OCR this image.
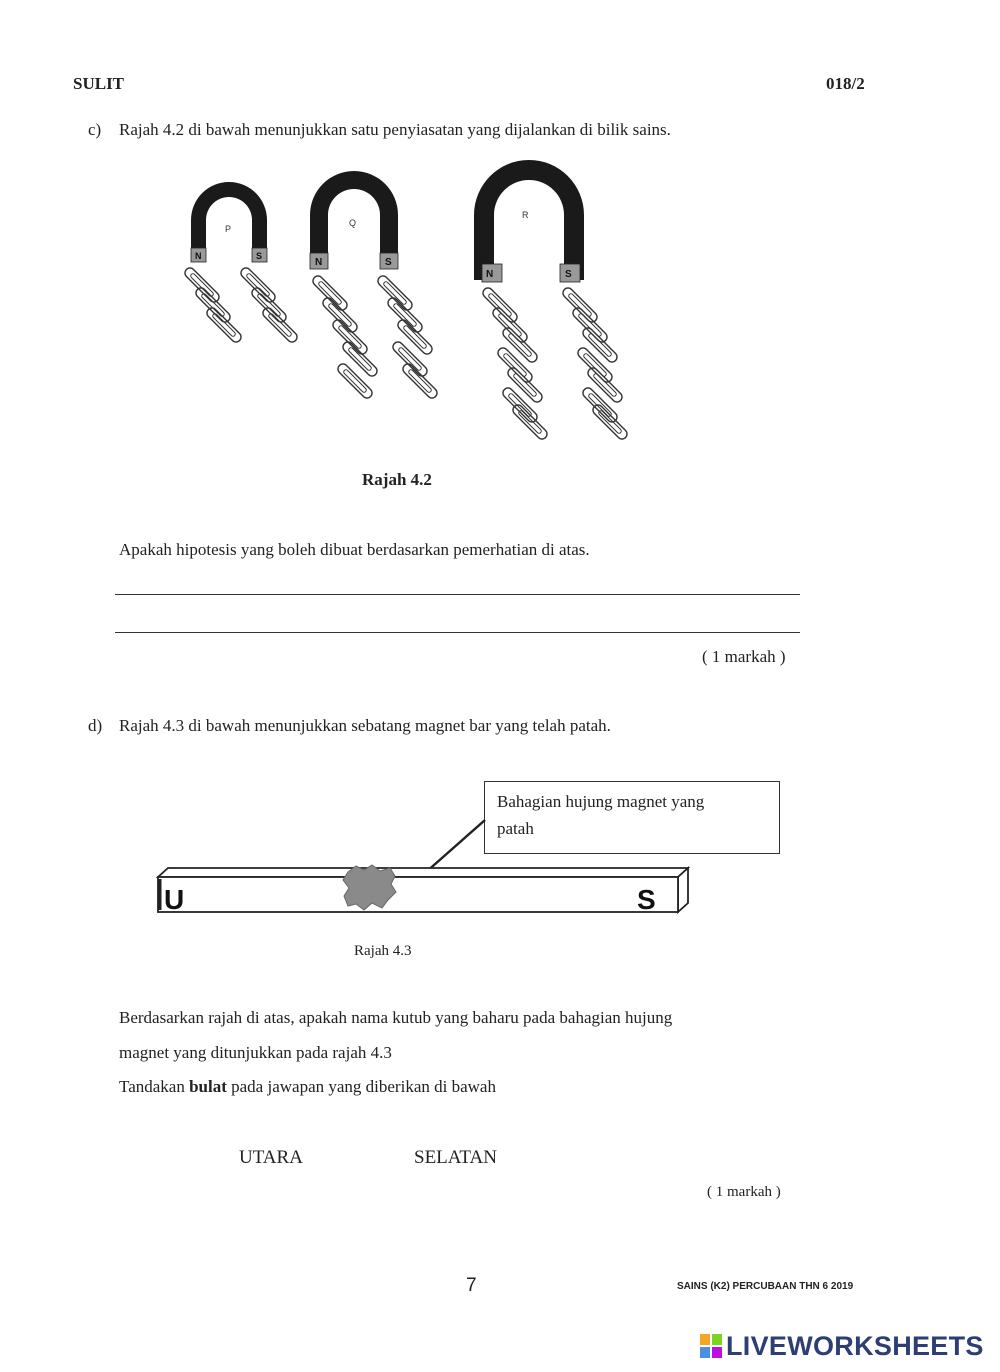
SULIT	018/2
c) Rajah 4.2 di bawah menunjukkan satu penyiasatan yang dijalankan di bilik sains.
P
N	S
Q
N	S
R
N	S
Rajah 4.2
Apakah hipotesis yang boleh dibuat berdasarkan pemerhatian di atas.
( 1 markah )
d) Rajah 4.3 di bawah menunjukkan sebatang magnet bar yang telah patah.
Bahagian hujung magnet yang
patah
U	S
Rajah 4.3
Berdasarkan rajah di atas, apakah nama kutub yang baharu pada bahagian hujung
magnet yang ditunjukkan pada rajah 4.3
Tandakan bulat pada jawapan yang diberikan di bawah
UTARA	SELATAN
( 1 markah )
7	SAINS (K2) PERCUBAAN THN 6 2019
LIVEWORKSHEETS
